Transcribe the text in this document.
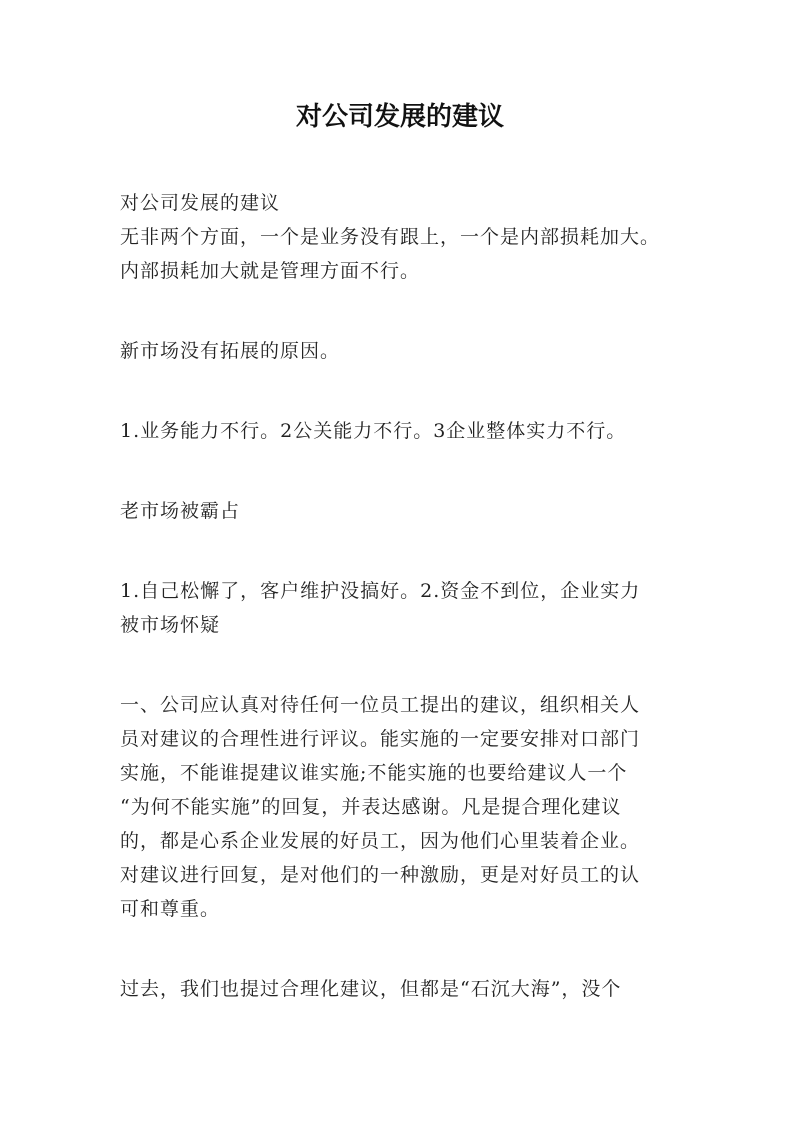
对公司发展的建议
对公司发展的建议
无非两个方面，一个是业务没有跟上，一个是内部损耗加大。
内部损耗加大就是管理方面不行。
新市场没有拓展的原因。
1.业务能力不行。2公关能力不行。3企业整体实力不行。
老市场被霸占
1.自己松懈了，客户维护没搞好。2.资金不到位，企业实力
被市场怀疑
一、公司应认真对待任何一位员工提出的建议，组织相关人
员对建议的合理性进行评议。能实施的一定要安排对口部门
实施，不能谁提建议谁实施;不能实施的也要给建议人一个
“为何不能实施”的回复，并表达感谢。凡是提合理化建议
的，都是心系企业发展的好员工，因为他们心里装着企业。
对建议进行回复，是对他们的一种激励，更是对好员工的认
可和尊重。
过去，我们也提过合理化建议，但都是“石沉大海”，没个
